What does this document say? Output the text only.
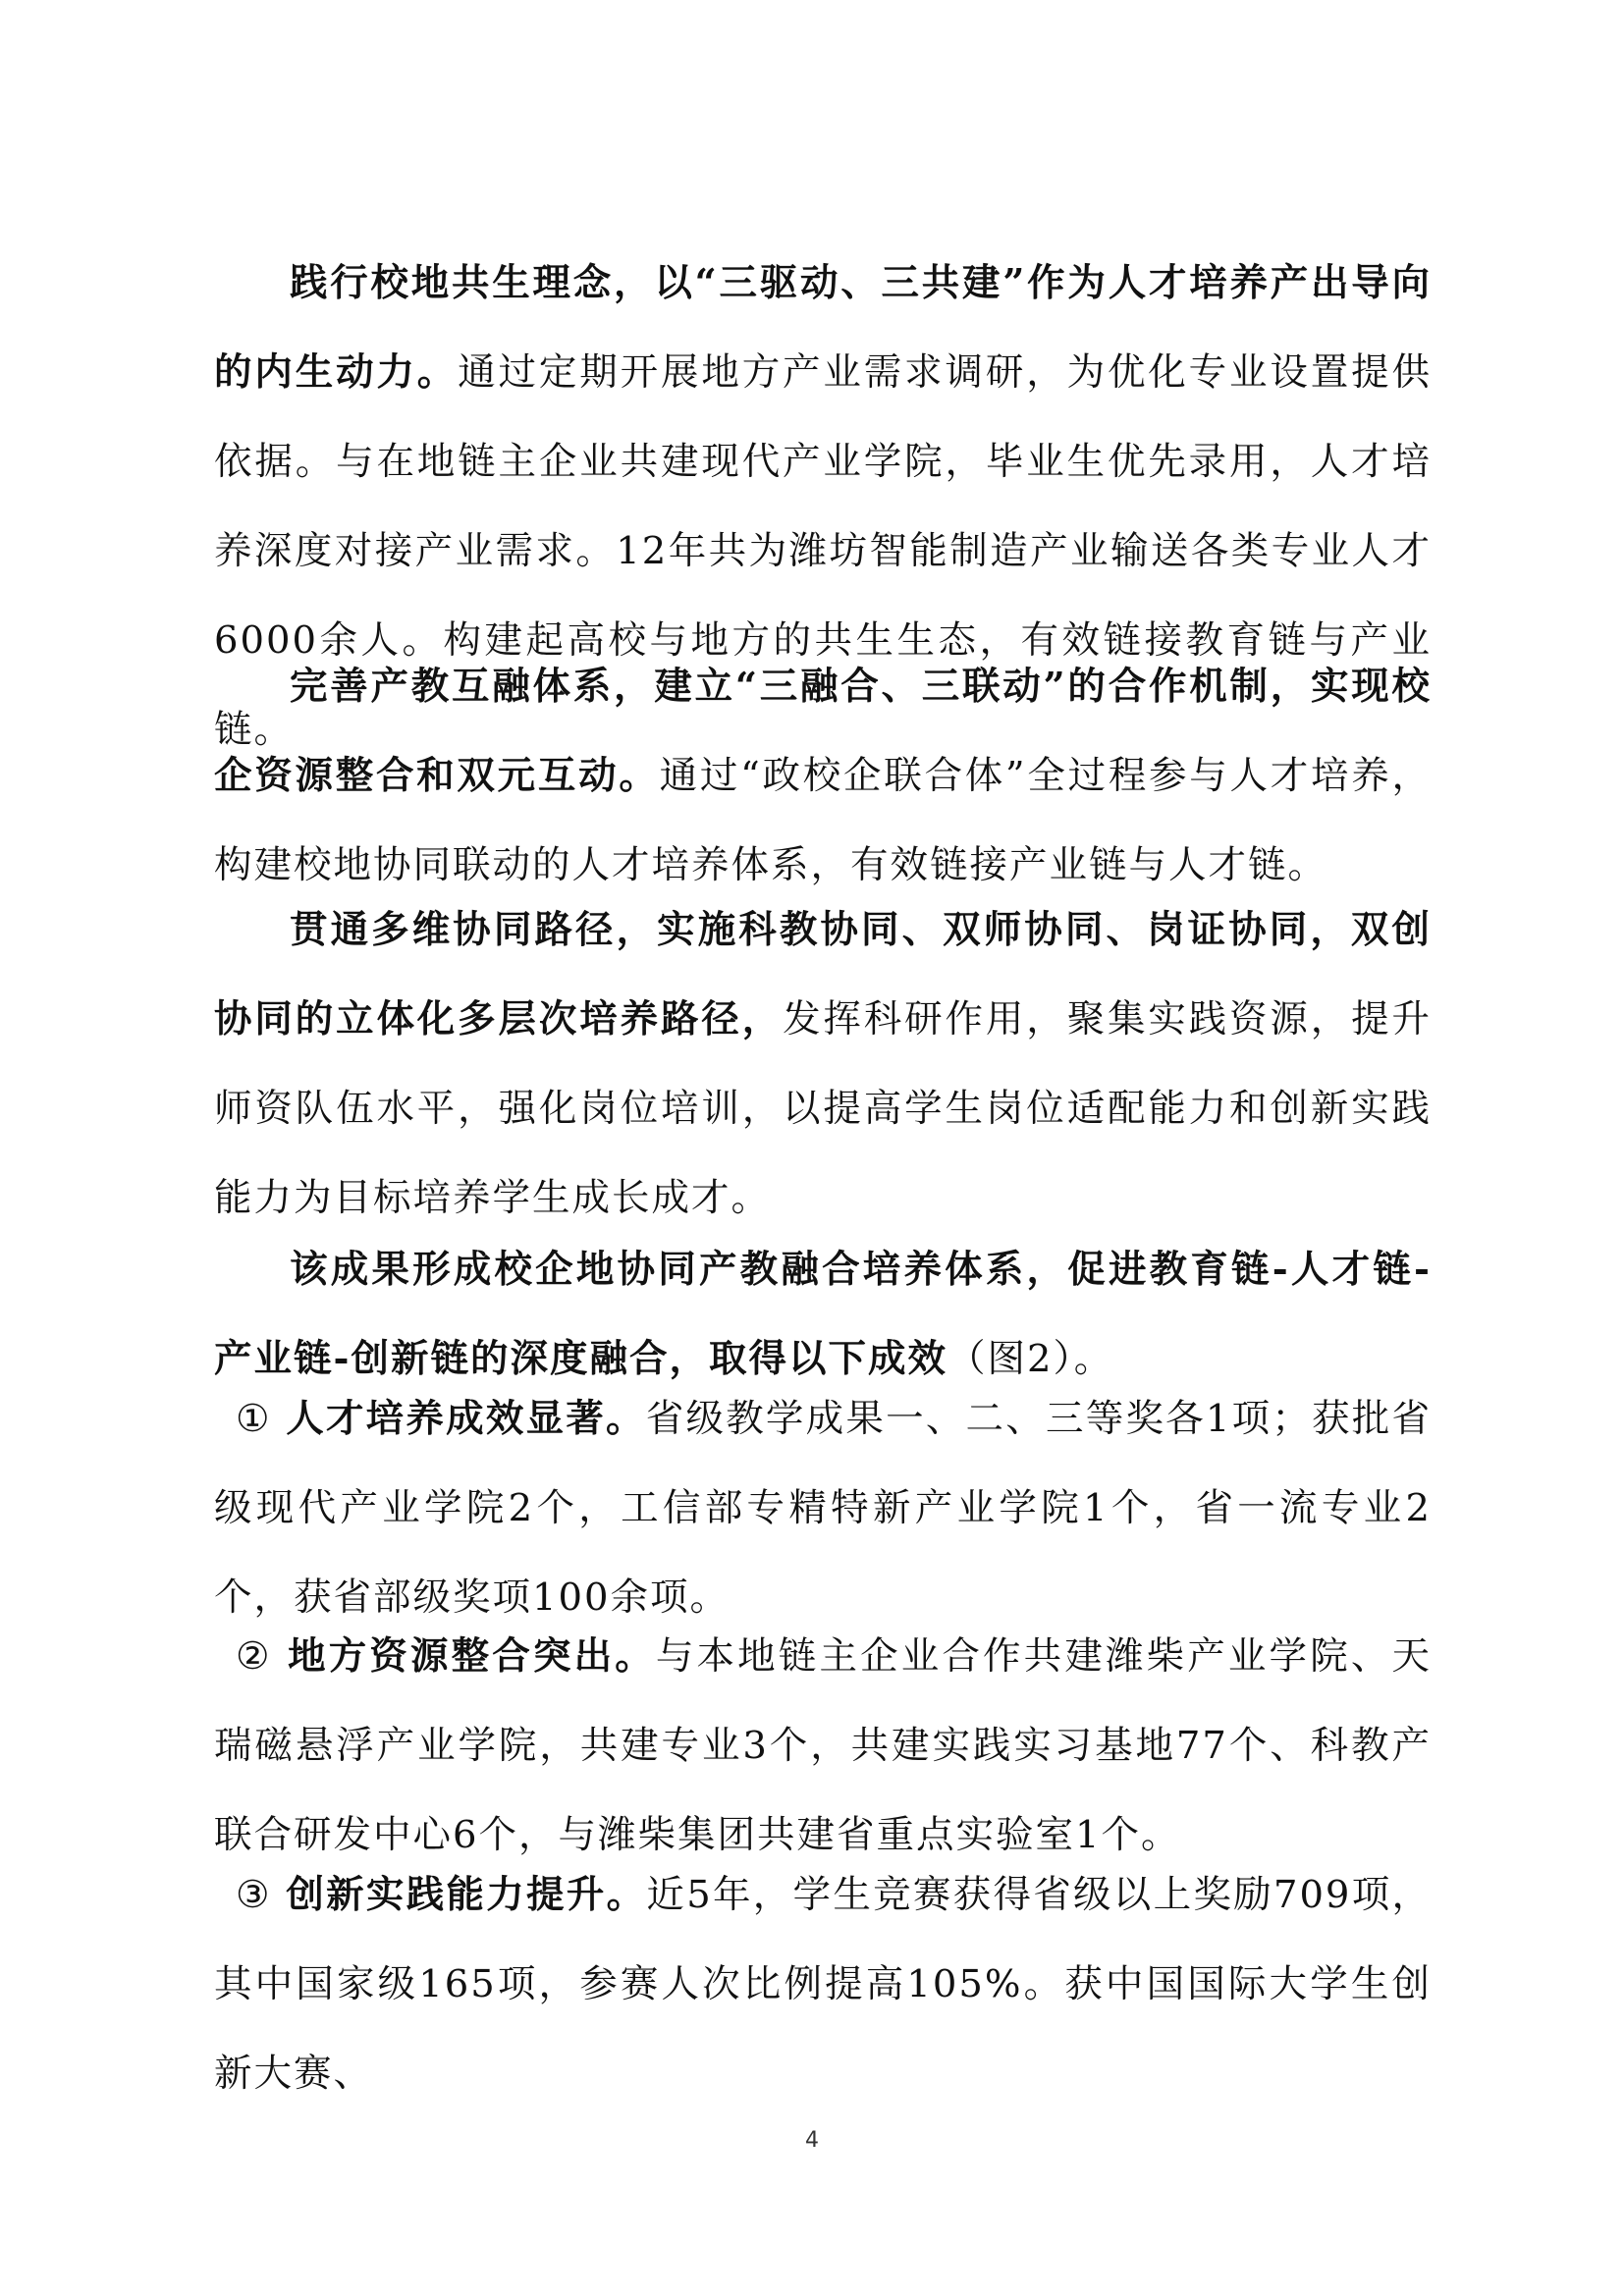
践行校地共生理念，以“三驱动、三共建”作为人才培养产出导向的内生动力。通过定期开展地方产业需求调研，为优化专业设置提供依据。与在地链主企业共建现代产业学院，毕业生优先录用，人才培养深度对接产业需求。12年共为潍坊智能制造产业输送各类专业人才6000余人。构建起高校与地方的共生生态，有效链接教育链与产业链。

完善产教互融体系，建立“三融合、三联动”的合作机制，实现校企资源整合和双元互动。通过“政校企联合体”全过程参与人才培养，构建校地协同联动的人才培养体系，有效链接产业链与人才链。

贯通多维协同路径，实施科教协同、双师协同、岗证协同，双创协同的立体化多层次培养路径，发挥科研作用，聚集实践资源，提升师资队伍水平，强化岗位培训，以提高学生岗位适配能力和创新实践能力为目标培养学生成长成才。

该成果形成校企地协同产教融合培养体系，促进教育链-人才链-产业链-创新链的深度融合，取得以下成效（图2）。

① 人才培养成效显著。省级教学成果一、二、三等奖各1项；获批省级现代产业学院2个，工信部专精特新产业学院1个，省一流专业2个，获省部级奖项100余项。

② 地方资源整合突出。与本地链主企业合作共建潍柴产业学院、天瑞磁悬浮产业学院，共建专业3个，共建实践实习基地77个、科教产联合研发中心6个，与潍柴集团共建省重点实验室1个。

③ 创新实践能力提升。近5年，学生竞赛获得省级以上奖励709项，其中国家级165项，参赛人次比例提高105%。获中国国际大学生创新大赛、

4
